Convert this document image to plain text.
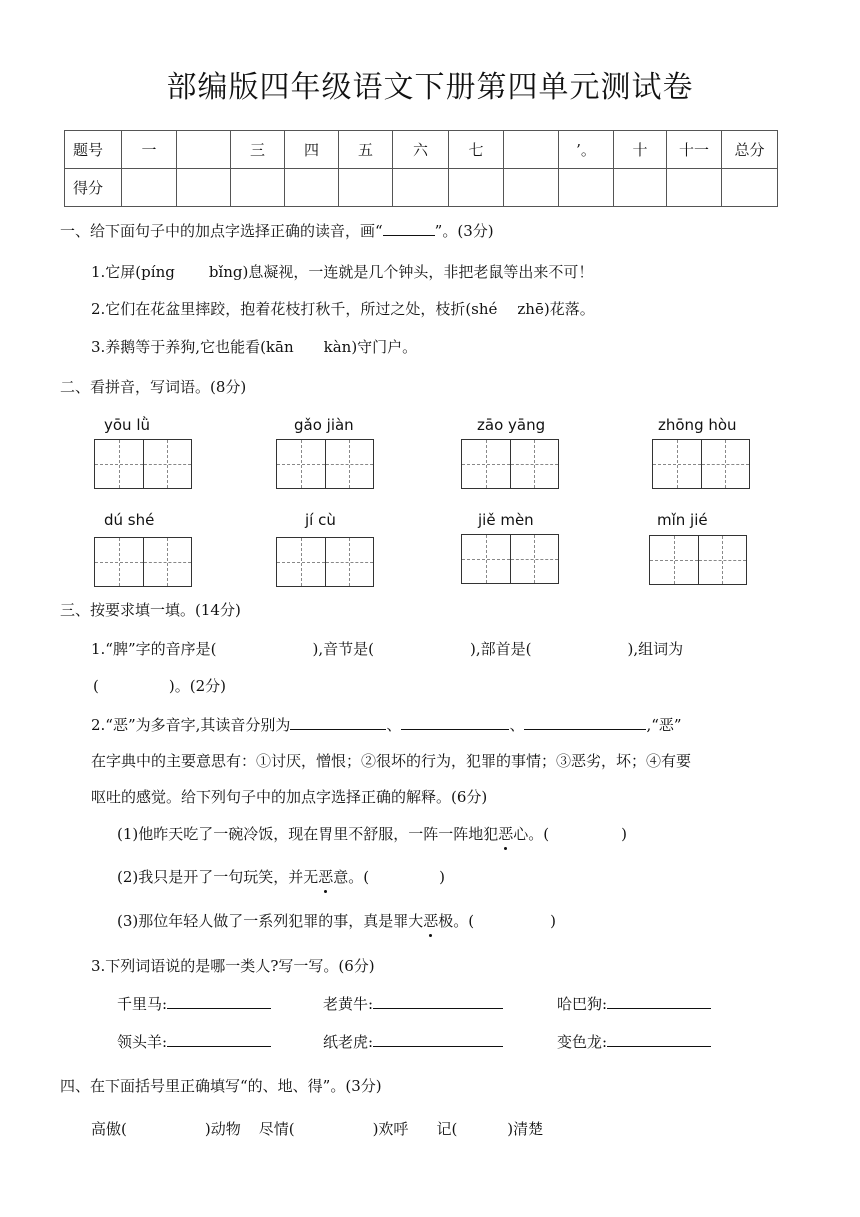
部编版四年级语文下册第四单元测试卷
题号	一		三	四	五	六	七		’。	十	十一	总分
得分												
一、给下面句子中的加点字选择正确的读音，画“	”。(3分)
1.它屏(píng bǐng)息凝视，一连就是几个钟头，非把老鼠等出来不可！
2.它们在花盆里摔跤，抱着花枝打秋千，所过之处，枝折(shé zhē)花落。
3.养鹅等于养狗,它也能看(kān kàn)守门户。
二、看拼音，写词语。(8分)
yōu lǜ	gǎo jiàn	zāo yāng	zhōng hòu
dú shé	jí cù	jiě mèn	mǐn jié
三、按要求填一填。(14分)
1.“脾”字的音序是(	),音节是(	),部首是(	),组词为
(	)。(2分)
2.“恶”为多音字,其读音分别为	、	、	,“恶”
在字典中的主要意思有：①讨厌，憎恨；②很坏的行为，犯罪的事情；③恶劣，坏；④有要
呕吐的感觉。给下列句子中的加点字选择正确的解释。(6分)
(1)他昨天吃了一碗冷饭，现在胃里不舒服，一阵一阵地犯恶心。(	)
(2)我只是开了一句玩笑，并无恶意。(	)
(3)那位年轻人做了一系列犯罪的事，真是罪大恶极。(	)
3.下列词语说的是哪一类人?写一写。(6分)
千里马:	老黄牛:	哈巴狗:
领头羊:	纸老虎:	变色龙:
四、在下面括号里正确填写“的、地、得”。(3分)
高傲(	)动物 尽情(	)欢呼 记(	)清楚
